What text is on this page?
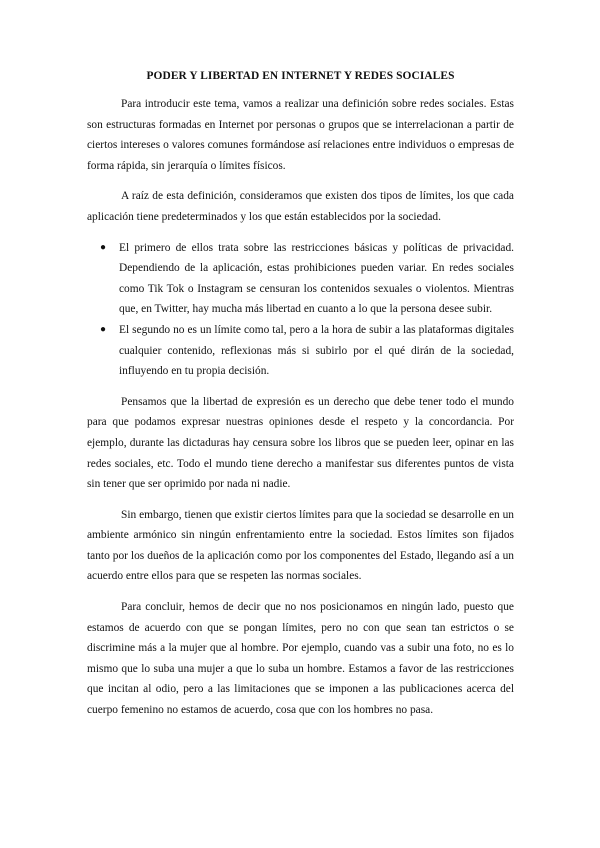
PODER Y LIBERTAD EN INTERNET Y REDES SOCIALES

Para introducir este tema, vamos a realizar una definición sobre redes sociales. Estas son estructuras formadas en Internet por personas o grupos que se interrelacionan a partir de ciertos intereses o valores comunes formándose así relaciones entre individuos o empresas de forma rápida, sin jerarquía o límites físicos.

A raíz de esta definición, consideramos que existen dos tipos de límites, los que cada aplicación tiene predeterminados y los que están establecidos por la sociedad.

● El primero de ellos trata sobre las restricciones básicas y políticas de privacidad. Dependiendo de la aplicación, estas prohibiciones pueden variar. En redes sociales como Tik Tok o Instagram se censuran los contenidos sexuales o violentos. Mientras que, en Twitter, hay mucha más libertad en cuanto a lo que la persona desee subir.
● El segundo no es un límite como tal, pero a la hora de subir a las plataformas digitales cualquier contenido, reflexionas más si subirlo por el qué dirán de la sociedad, influyendo en tu propia decisión.

Pensamos que la libertad de expresión es un derecho que debe tener todo el mundo para que podamos expresar nuestras opiniones desde el respeto y la concordancia. Por ejemplo, durante las dictaduras hay censura sobre los libros que se pueden leer, opinar en las redes sociales, etc. Todo el mundo tiene derecho a manifestar sus diferentes puntos de vista sin tener que ser oprimido por nada ni nadie.

Sin embargo, tienen que existir ciertos límites para que la sociedad se desarrolle en un ambiente armónico sin ningún enfrentamiento entre la sociedad. Estos límites son fijados tanto por los dueños de la aplicación como por los componentes del Estado, llegando así a un acuerdo entre ellos para que se respeten las normas sociales.

Para concluir, hemos de decir que no nos posicionamos en ningún lado, puesto que estamos de acuerdo con que se pongan límites, pero no con que sean tan estrictos o se discrimine más a la mujer que al hombre. Por ejemplo, cuando vas a subir una foto, no es lo mismo que lo suba una mujer a que lo suba un hombre. Estamos a favor de las restricciones que incitan al odio, pero a las limitaciones que se imponen a las publicaciones acerca del cuerpo femenino no estamos de acuerdo, cosa que con los hombres no pasa.
